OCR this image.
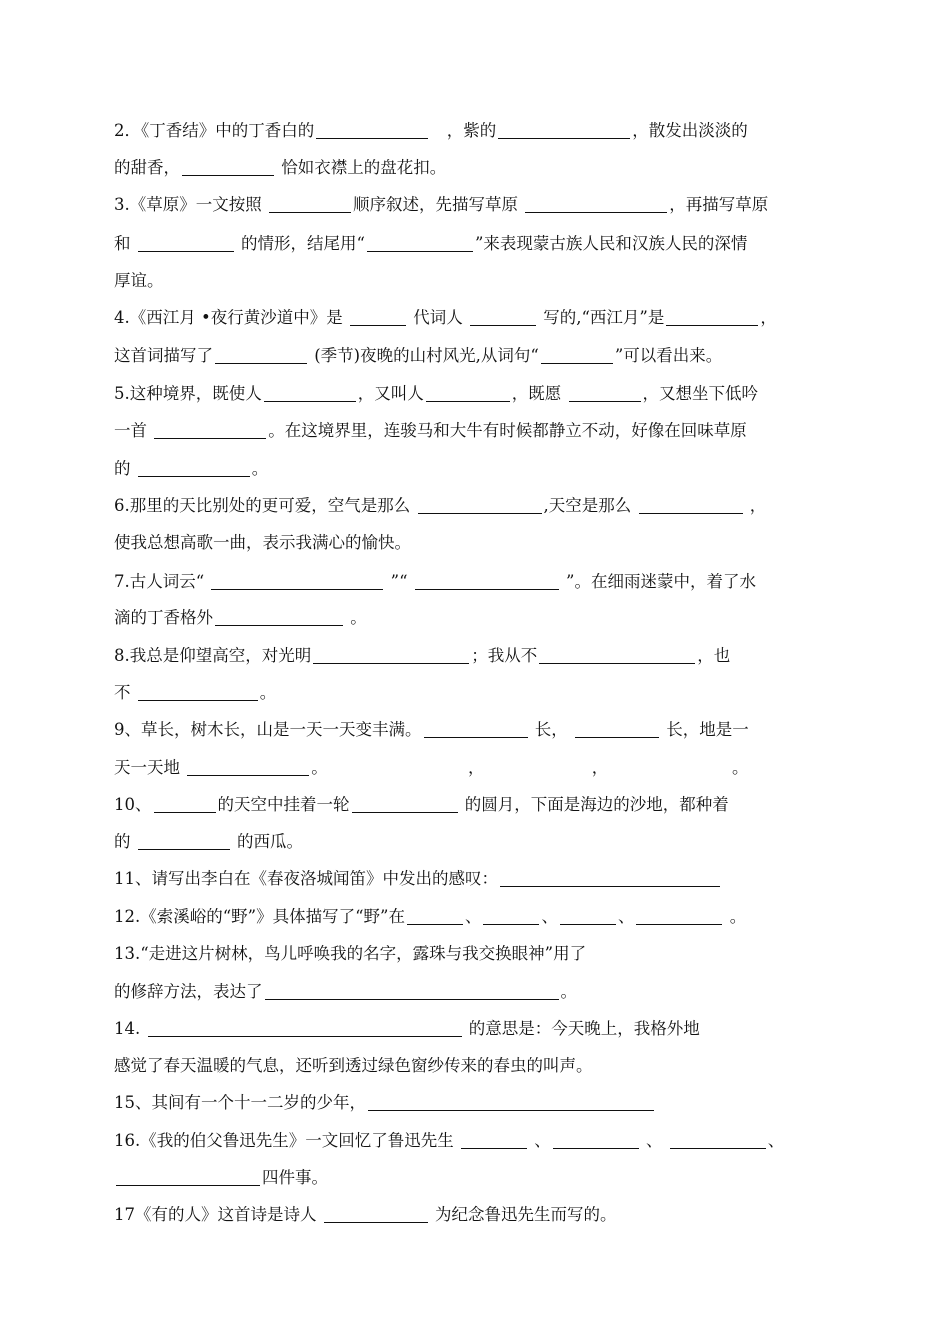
2．《丁香结》中的丁香白的	　，紫的	，散发出淡淡的
的甜香，	恰如衣襟上的盘花扣。
3.《草原》一文按照	顺序叙述，先描写草原	，再描写草原
和	的情形，结尾用“	”来表现蒙古族人民和汉族人民的深情
厚谊。
4.《西江月 •夜行黄沙道中》是	代词人	写的,“西江月”是	，
这首词描写了	(季节)夜晚的山村风光,从词句“	”可以看出来。
5.这种境界，既使人	，又叫人	，既愿	，又想坐下低吟
一首	。在这境界里，连骏马和大牛有时候都静立不动，好像在回味草原
的	。
6.那里的天比别处的更可爱，空气是那么	,天空是那么	，
使我总想高歌一曲，表示我满心的愉快。
7.古人词云“	”“	”。在细雨迷蒙中，着了水
滴的丁香格外	。
8.我总是仰望高空，对光明	；我从不	，也
不	。
9、草长，树木长，山是一天一天变丰满。	长，	长，地是一
天一天地	。　　　　　　　　　，　　　　　　　，　　　　　　　　。
10、	的天空中挂着一轮	的圆月，下面是海边的沙地，都种着
的	的西瓜。
11、请写出李白在《春夜洛城闻笛》中发出的感叹：
12.《索溪峪的“野”》具体描写了“野”在	、	、	、	。
13.“走进这片树林，鸟儿呼唤我的名字，露珠与我交换眼神”用了
的修辞方法，表达了	。
14.	的意思是：今天晚上，我格外地
感觉了春天温暖的气息，还听到透过绿色窗纱传来的春虫的叫声。
15、其间有一个十一二岁的少年，
16.《我的伯父鲁迅先生》一文回忆了鲁迅先生	、	、	、
四件事。
17《有的人》这首诗是诗人	为纪念鲁迅先生而写的。
